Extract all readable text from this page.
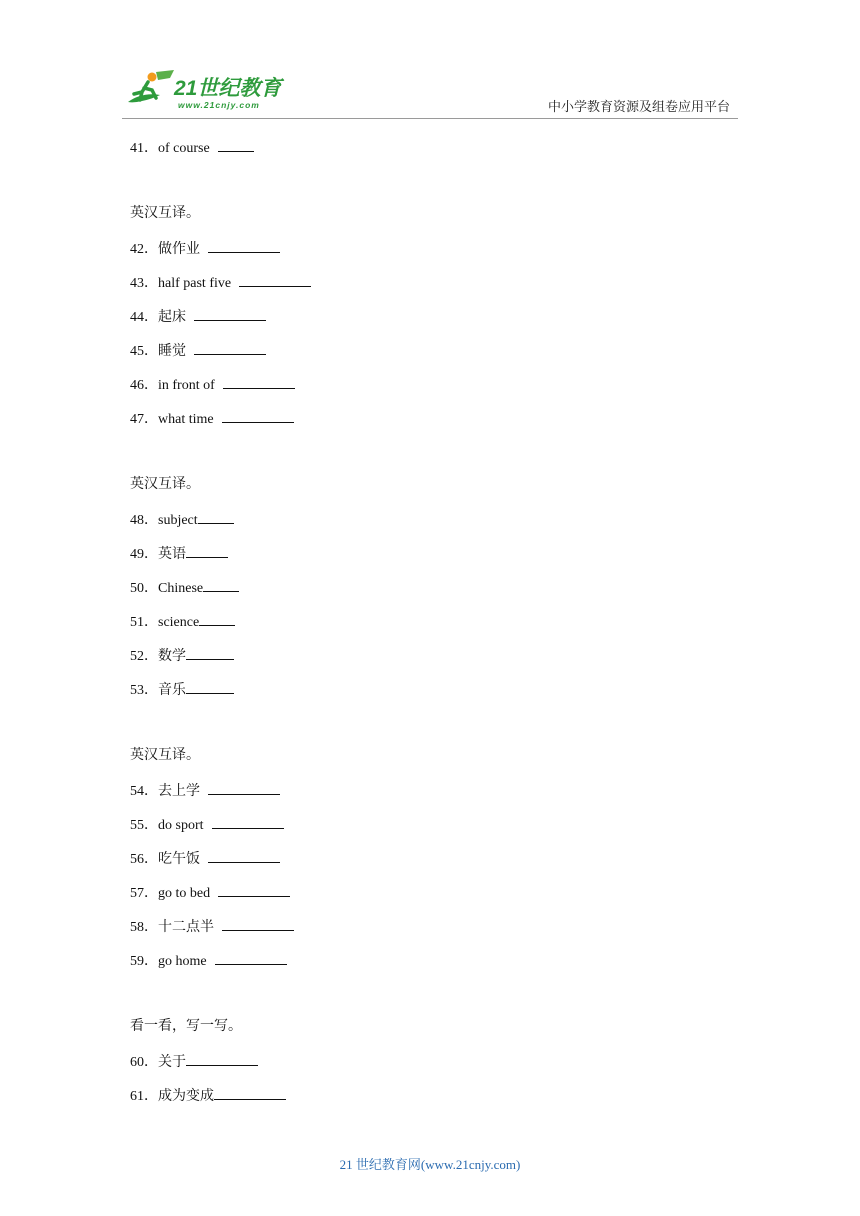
21世纪教育
www.21cnjy.com	中小学教育资源及组卷应用平台
41．of course
英汉互译。
42．做作业
43．half past five
44．起床
45．睡觉
46．in front of
47．what time
英汉互译。
48．subject
49．英语
50．Chinese
51．science
52．数学
53．音乐
英汉互译。
54．去上学
55．do sport
56．吃午饭
57．go to bed
58．十二点半
59．go home
看一看，写一写。
60．关于
61．成为变成
21 世纪教育网(www.21cnjy.com)
